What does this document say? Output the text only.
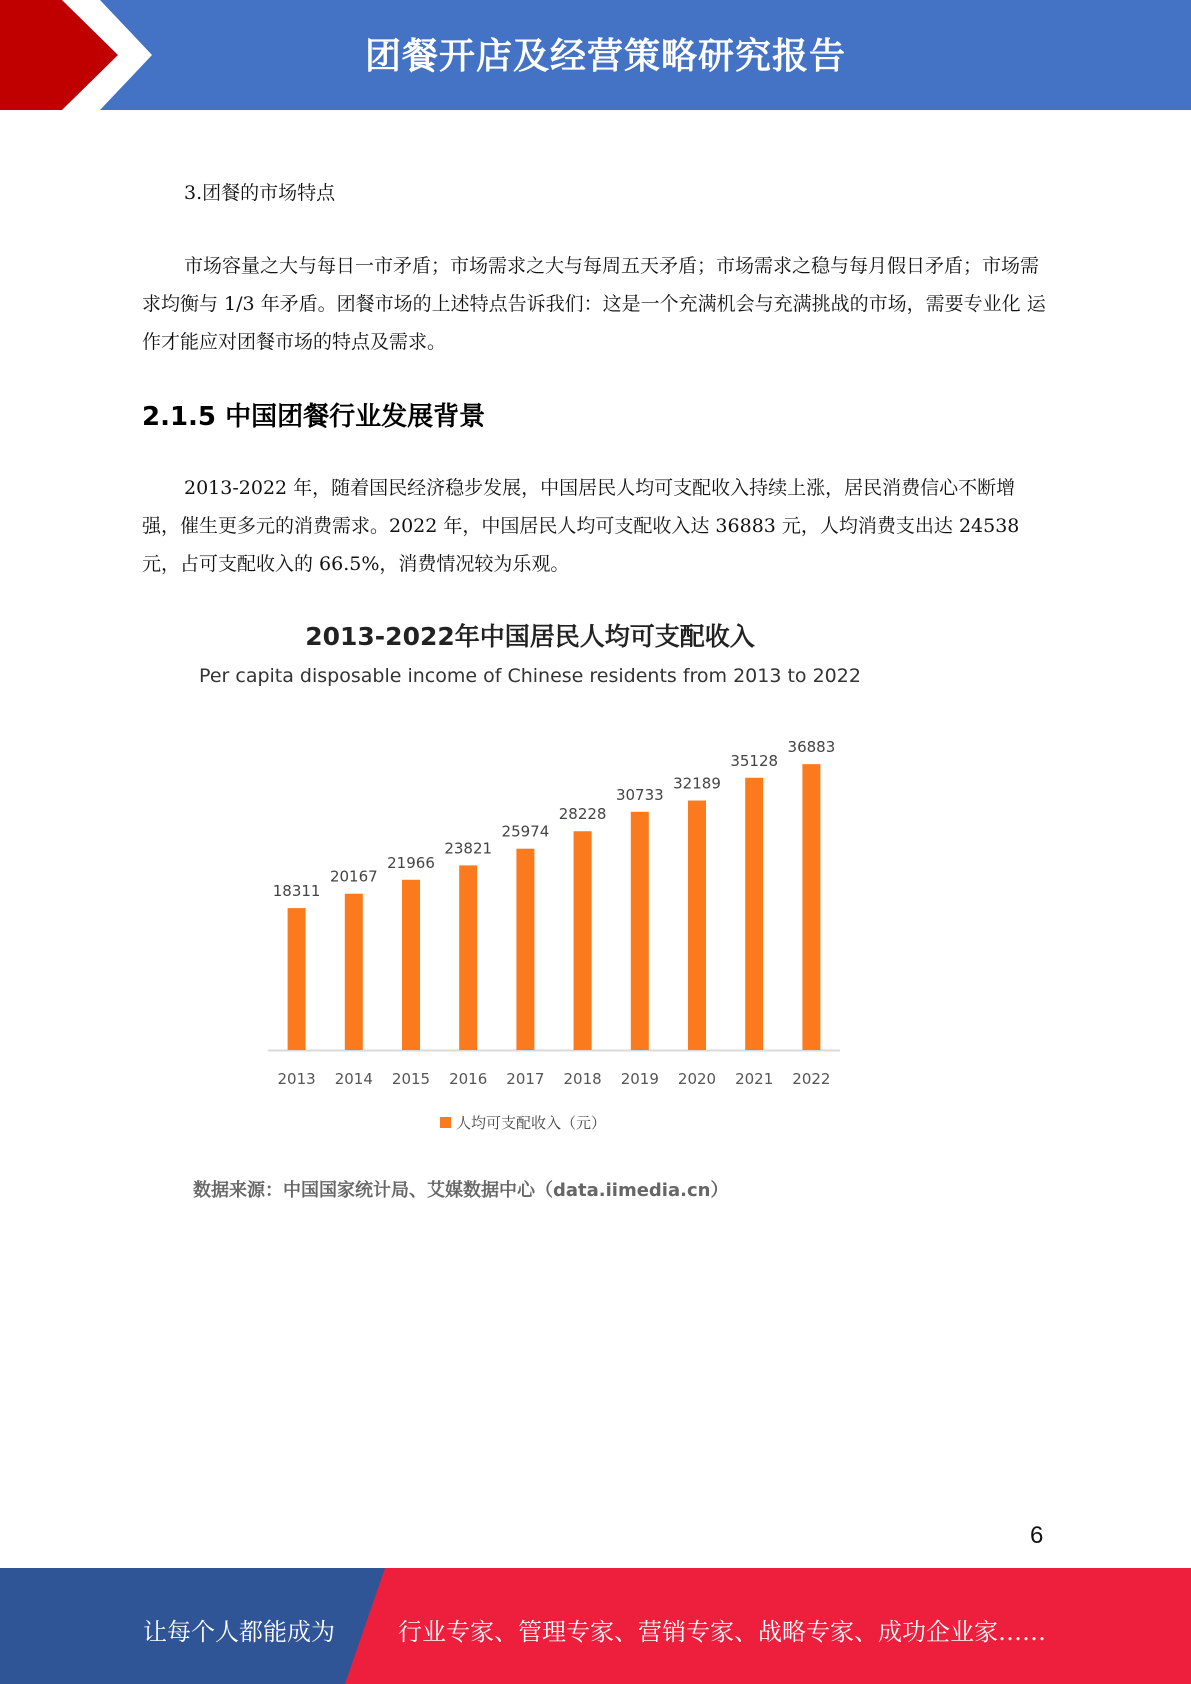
团餐开店及经营策略研究报告
3.团餐的市场特点

市场容量之大与每日一市矛盾；市场需求之大与每周五天矛盾；市场需求之稳与每月假日矛盾；市场需求均衡与 1/3 年矛盾。团餐市场的上述特点告诉我们：这是一个充满机会与充满挑战的市场，需要专业化 运作才能应对团餐市场的特点及需求。

2.1.5 中国团餐行业发展背景

2013-2022 年，随着国民经济稳步发展，中国居民人均可支配收入持续上涨，居民消费信心不断增强，催生更多元的消费需求。2022 年，中国居民人均可支配收入达 36883 元，人均消费支出达 24538 元，占可支配收入的 66.5%，消费情况较为乐观。

2013-2022年中国居民人均可支配收入
Per capita disposable income of Chinese residents from 2013 to 2022
18311
2013
20167
2014
21966
2015
23821
2016
25974
2017
28228
2018
30733
2019
32189
2020
35128
2021
36883
2022
人均可支配收入（元）
数据来源：中国国家统计局、艾媒数据中心（data.iimedia.cn）
6
让每个人都能成为	行业专家、管理专家、营销专家、战略专家、成功企业家……
